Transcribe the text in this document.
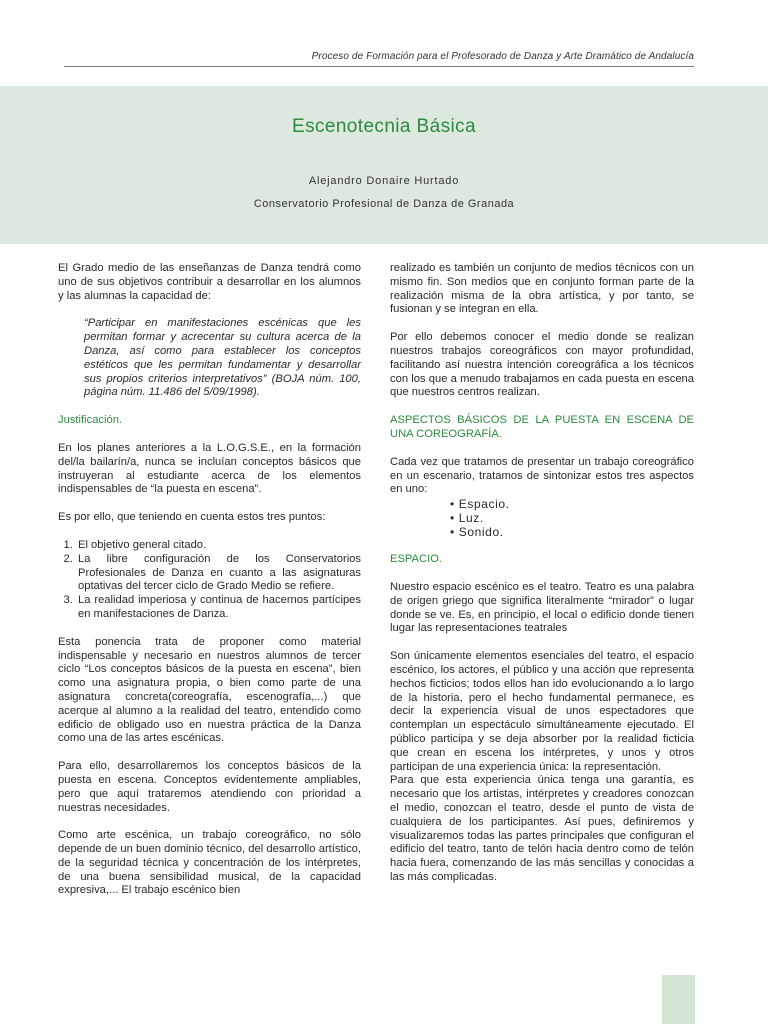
Proceso de Formación para el Profesorado de Danza y Arte Dramático de Andalucía
Escenotecnia Básica
Alejandro Donaire Hurtado
Conservatorio Profesional de Danza de Granada

El Grado medio de las enseñanzas de Danza tendrá como uno de sus objetivos contribuir a desarrollar en los alumnos y las alumnas la capacidad de:

“Participar en manifestaciones escénicas que les permitan formar y acrecentar su cultura acerca de la Danza, así como para establecer los conceptos estéticos que les permitan fundamentar y desarrollar sus propios criterios interpretativos” (BOJA núm. 100, página núm. 11.486 del 5/09/1998).

Justificación.

En los planes anteriores a la L.O.G.S.E., en la formación del/la bailarín/a, nunca se incluían conceptos básicos que instruyeran al estudiante acerca de los elementos indispensables de “la puesta en escena”.

Es por ello, que teniendo en cuenta estos tres puntos:

1. El objetivo general citado.
2. La libre configuración de los Conservatorios Profesionales de Danza en cuanto a las asignaturas optativas del tercer ciclo de Grado Medio se refiere.
3. La realidad imperiosa y continua de hacernos partícipes en manifestaciones de Danza.

Esta ponencia trata de proponer como material indispensable y necesario en nuestros alumnos de tercer ciclo “Los conceptos básicos de la puesta en escena”, bien como una asignatura propia, o bien como parte de una asignatura concreta(coreografía, escenografía,...) que acerque al alumno a la realidad del teatro, entendido como edificio de obligado uso en nuestra práctica de la Danza como una de las artes escénicas.

Para ello, desarrollaremos los conceptos básicos de la puesta en escena. Conceptos evidentemente ampliables, pero que aquí trataremos atendiendo con prioridad a nuestras necesidades.

Como arte escénica, un trabajo coreográfico, no sólo depende de un buen dominio técnico, del desarrollo artístico, de la seguridad técnica y concentración de los intérpretes, de una buena sensibilidad musical, de la capacidad expresiva,... El trabajo escénico bien

realizado es también un conjunto de medios técnicos con un mismo fin. Son medios que en conjunto forman parte de la realización misma de la obra artística, y por tanto, se fusionan y se integran en ella.

Por ello debemos conocer el medio donde se realizan nuestros trabajos coreográficos con mayor profundidad, facilitando así nuestra intención coreográfica a los técnicos con los que a menudo trabajamos en cada puesta en escena que nuestros centros realizan.

ASPECTOS BÁSICOS DE LA PUESTA EN ESCENA DE UNA COREOGRAFÍA.

Cada vez que tratamos de presentar un trabajo coreográfico en un escenario, tratamos de sintonizar estos tres aspectos en uno:

• Espacio.
• Luz.
• Sonido.

ESPACIO.

Nuestro espacio escénico es el teatro. Teatro es una palabra de origen griego que significa literalmente “mirador” o lugar donde se ve. Es, en principio, el local o edificio donde tienen lugar las representaciones teatrales

Son únicamente elementos esenciales del teatro, el espacio escénico, los actores, el público y una acción que representa hechos ficticios; todos ellos han ido evolucionando a lo largo de la historia, pero el hecho fundamental permanece, es decir la experiencia visual de unos espectadores que contemplan un espectáculo simultáneamente ejecutado. El público participa y se deja absorber por la realidad ficticia que crean en escena los intérpretes, y unos y otros participan de una experiencia única: la representación.

Para que esta experiencia única tenga una garantía, es necesario que los artistas, intérpretes y creadores conozcan el medio, conozcan el teatro, desde el punto de vista de cualquiera de los participantes. Así pues, definiremos y visualizaremos todas las partes principales que configuran el edificio del teatro, tanto de telón hacia dentro como de telón hacia fuera, comenzando de las más sencillas y conocidas a las más complicadas.
